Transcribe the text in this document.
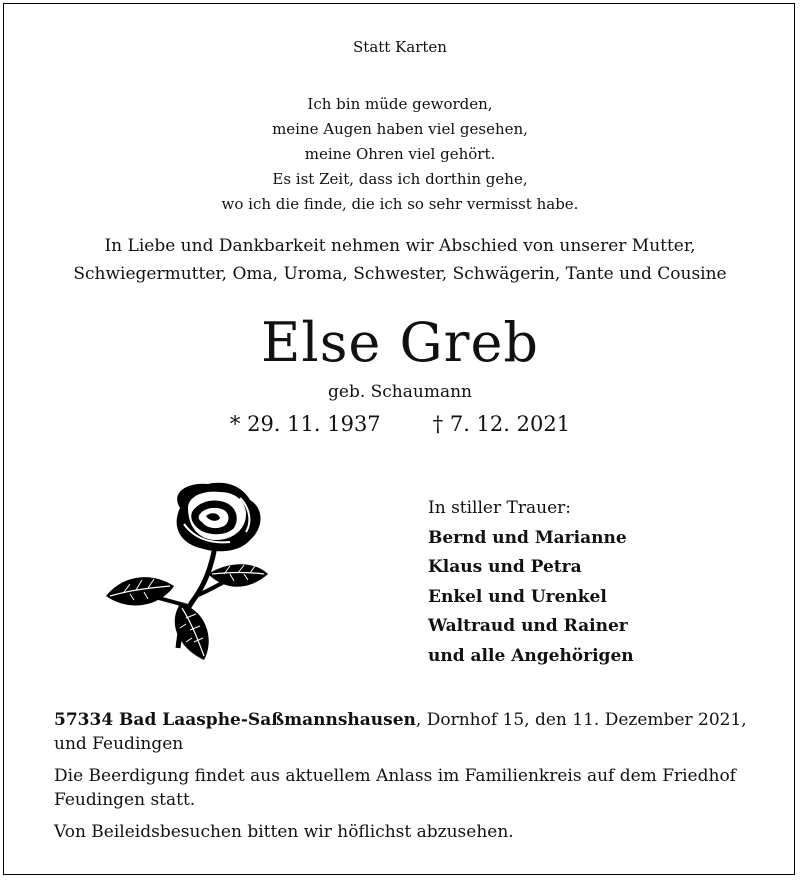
Statt Karten
Ich bin müde geworden,
meine Augen haben viel gesehen,
meine Ohren viel gehört.
Es ist Zeit, dass ich dorthin gehe,
wo ich die finde, die ich so sehr vermisst habe.
In Liebe und Dankbarkeit nehmen wir Abschied von unserer Mutter,
Schwiegermutter, Oma, Uroma, Schwester, Schwägerin, Tante und Cousine
Else Greb
geb. Schaumann
* 29. 11. 1937 † 7. 12. 2021
In stiller Trauer:
Bernd und Marianne
Klaus und Petra
Enkel und Urenkel
Waltraud und Rainer
und alle Angehörigen

57334 Bad Laasphe-Saßmannshausen, Dornhof 15, den 11. Dezember 2021,
und Feudingen

Die Beerdigung findet aus aktuellem Anlass im Familienkreis auf dem Friedhof Feudingen statt.

Von Beileidsbesuchen bitten wir höflichst abzusehen.
